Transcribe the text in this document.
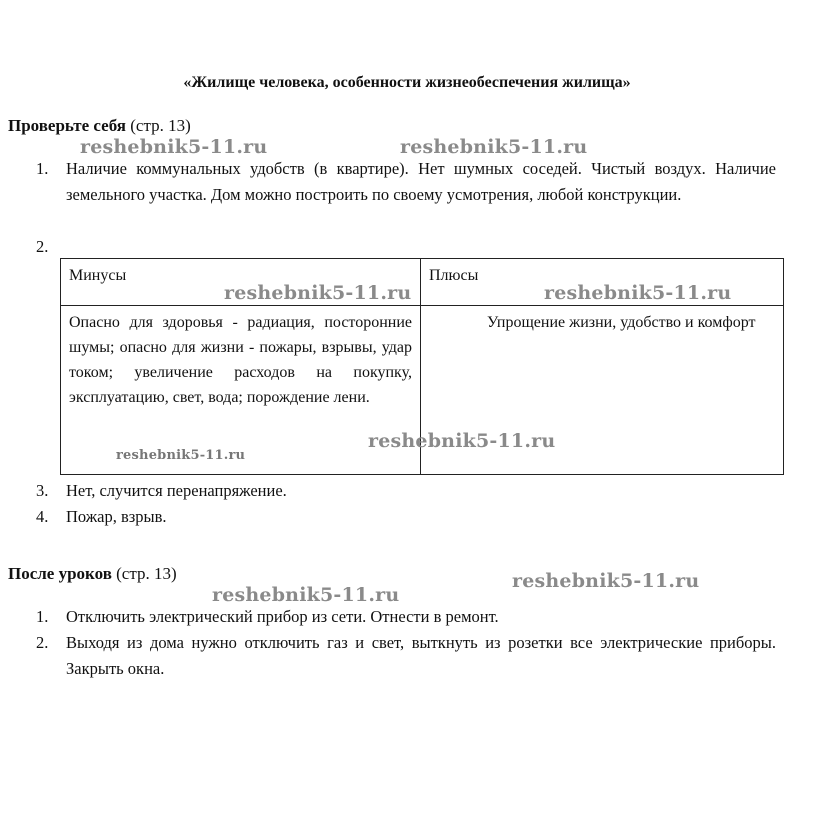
«Жилище человека, особенности жизнеобеспечения жилища»
Проверьте себя (стр. 13)
reshebnik5-11.ru	reshebnik5-11.ru
1. Наличие коммунальных удобств (в квартире). Нет шумных соседей. Чистый воздух. Наличие земельного участка. Дом можно построить по своему усмотрения, любой конструкции.
2.
Минусы	Плюсы
Опасно для здоровья - радиация, посторонние шумы; опасно для жизни - пожары, взрывы, удар током; увеличение расходов на покупку, эксплуатацию, свет, вода; порождение лени.	Упрощение жизни, удобство и комфорт
reshebnik5-11.ru	reshebnik5-11.ru
reshebnik5-11.ru
reshebnik5-11.ru
3. Нет, случится перенапряжение.
4. Пожар, взрыв.
После уроков (стр. 13)
reshebnik5-11.ru
reshebnik5-11.ru
1. Отключить электрический прибор из сети. Отнести в ремонт.
2. Выходя из дома нужно отключить газ и свет, выткнуть из розетки все электрические приборы. Закрыть окна.
